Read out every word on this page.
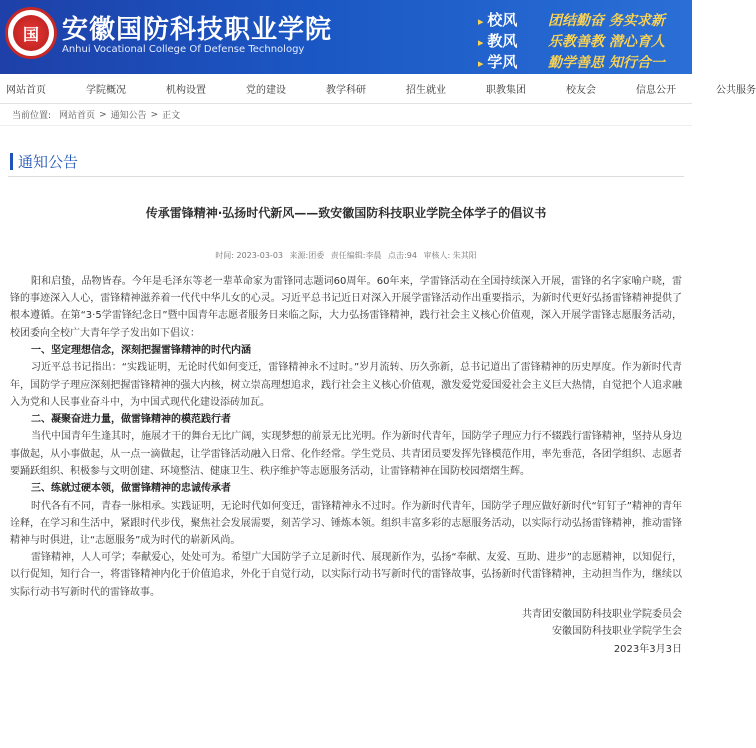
国 安徽国防科技职业学院
Anhui Vocational College Of Defense Technology
▸ 校风	团结勤奋 务实求新
▸ 教风	乐教善教 潜心育人
▸ 学风	勤学善思 知行合一
网站首页	学院概况	机构设置	党的建设	教学科研	招生就业	职教集团	校友会	信息公开	公共服务
当前位置: 网站首页 > 通知公告 > 正文
通知公告
传承雷锋精神·弘扬时代新风——致安徽国防科技职业学院全体学子的倡议书
时间: 2023-03-03 来源:团委 责任编辑:李晨 点击:94 审核人: 朱其阳

阳和启蛰，品物皆春。今年是毛泽东等老一辈革命家为雷锋同志题词60周年。60年来，学雷锋活动在全国持续深入开展，雷锋的名字家喻户晓，雷锋的事迹深入人心，雷锋精神滋养着一代代中华儿女的心灵。习近平总书记近日对深入开展学雷锋活动作出重要指示，为新时代更好弘扬雷锋精神提供了根本遵循。在第“3·5学雷锋纪念日”暨中国青年志愿者服务日来临之际，大力弘扬雷锋精神，践行社会主义核心价值观，深入开展学雷锋志愿服务活动，校团委向全校广大青年学子发出如下倡议：

一、坚定理想信念，深刻把握雷锋精神的时代内涵

习近平总书记指出：“实践证明，无论时代如何变迁，雷锋精神永不过时。”岁月流转、历久弥新，总书记道出了雷锋精神的历史厚度。作为新时代青年，国防学子理应深刻把握雷锋精神的强大内核，树立崇高理想追求，践行社会主义核心价值观，激发爱党爱国爱社会主义巨大热情，自觉把个人追求融入为党和人民事业奋斗中，为中国式现代化建设添砖加瓦。

二、凝聚奋进力量，做雷锋精神的模范践行者

当代中国青年生逢其时，施展才干的舞台无比广阔，实现梦想的前景无比光明。作为新时代青年，国防学子理应力行不辍践行雷锋精神，坚持从身边事做起，从小事做起，从一点一滴做起，让学雷锋活动融入日常、化作经常。学生党员、共青团员要发挥先锋模范作用，率先垂范，各团学组织、志愿者要踊跃组织、积极参与文明创建、环境整洁、健康卫生、秩序维护等志愿服务活动，让雷锋精神在国防校园熠熠生辉。

三、练就过硬本领，做雷锋精神的忠诚传承者

时代各有不同，青春一脉相承。实践证明，无论时代如何变迁，雷锋精神永不过时。作为新时代青年，国防学子理应做好新时代“钉钉子”精神的青年诠释，在学习和生活中，紧跟时代步伐，聚焦社会发展需要，刻苦学习、锤炼本领。组织丰富多彩的志愿服务活动，以实际行动弘扬雷锋精神，推动雷锋精神与时俱进，让“志愿服务”成为时代的崭新风尚。

雷锋精神，人人可学；奉献爱心，处处可为。希望广大国防学子立足新时代、展现新作为，弘扬“奉献、友爱、互助、进步”的志愿精神，以知促行，以行促知，知行合一，将雷锋精神内化于价值追求，外化于自觉行动，以实际行动书写新时代的雷锋故事，弘扬新时代雷锋精神，主动担当作为，继续以实际行动书写新时代的雷锋故事。

共青团安徽国防科技职业学院委员会
安徽国防科技职业学院学生会
2023年3月3日
